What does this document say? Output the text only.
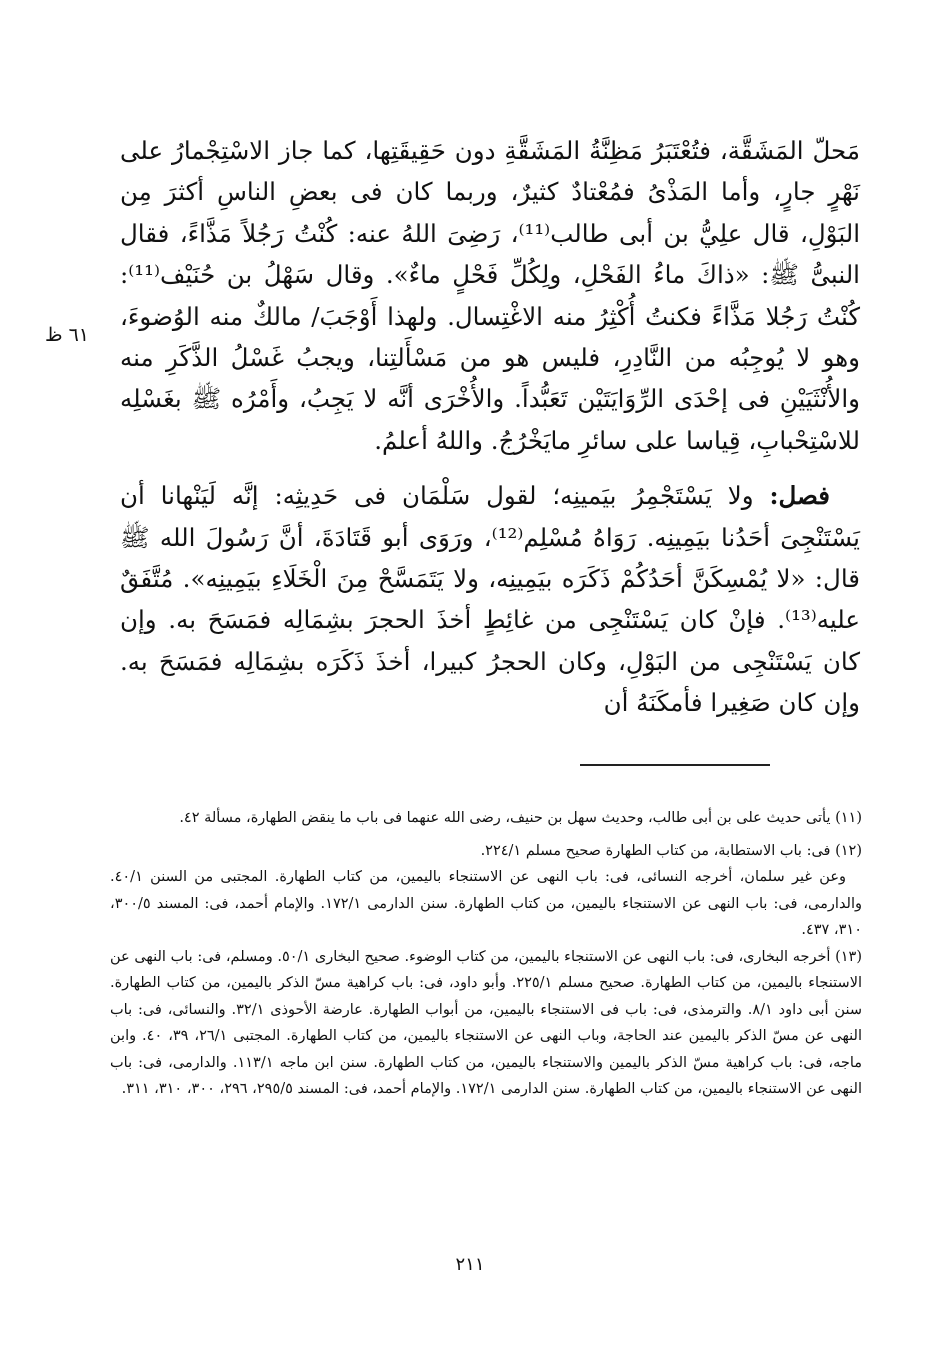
مَحلّ المَشَقَّة، فتُعْتَبَرُ مَظِنَّةُ المَشَقَّةِ دون حَقِيقَتِها، كما جاز الاسْتِجْمارُ على نَهْرٍ جارٍ، وأما المَذْىُ فمُعْتادٌ كثيرٌ، وربما كان فى بعضِ الناسِ أكثرَ مِن البَوْلِ، قال علِيُّ بن أبى طالب⁽¹¹⁾، رَضِىَ اللهُ عنه: كُنْتُ رَجُلاً مَذَّاءً، فقال النبىُّ ﷺ: «ذاكَ ماءُ الفَحْلِ، ولِكُلِّ فَحْلٍ ماءٌ». وقال سَهْلُ بن حُنَيْف⁽¹¹⁾: كُنْتُ رَجُلا مَذَّاءً فكنتُ أُكْثِرُ منه الاغْتِسال. ولهذا أَوْجَبَ/ مالكٌ منه الوُضوءَ، وهو لا يُوجِبُه من النَّادِرِ، فليس هو من مَسْأَلتِنا، ويجبُ غَسْلُ الذَّكَرِ منه والأُنْثَيَيْنِ فى إحْدَى الرِّوَايَتَيْن تَعَبُّداً. والأُخْرَى أنَّه لا يَجِبُ، وأَمْرُه ﷺ بغَسْلِه للاسْتِحْبابِ، قِياسا على سائرِ مايَخْرُجُ. واللهُ أعلمُ.

فصل: ولا يَسْتَجْمِرُ بيَمينِه؛ لقول سَلْمَان فى حَدِيثِه: إنَّه لَيَنْهانا أن يَسْتَنْجِىَ أحَدُنا بيَمِينِه. رَوَاهُ مُسْلِم⁽¹²⁾، ورَوَى أبو قَتَادَةَ، أنَّ رَسُولَ الله ﷺ قال: «لا يُمْسِكَنَّ أحَدُكُمْ ذَكَرَه بيَمِينِه، ولا يَتَمَسَّحْ مِنَ الْخَلَاءِ بيَمِينِه». مُتَّفَقٌ عليه⁽¹³⁾. فإنْ كان يَسْتَنْجِى من غائِطٍ أخذَ الحجرَ بشِمَالِه فمَسَحَ به. وإن كان يَسْتَنْجِى من البَوْلِ، وكان الحجرُ كبيرا، أخذَ ذَكَرَه بشِمَالِه فمَسَحَ به. وإن كان صَغِيرا فأمكَنَهُ أن

٦١ ظ

(١١) يأتى حديث على بن أبى طالب، وحديث سهل بن حنيف، رضى الله عنهما فى باب ما ينقض الطهارة، مسألة ٤٢.

(١٢) فى: باب الاستطابة، من كتاب الطهارة صحيح مسلم ٢٢٤/١.

وعن غير سلمان، أخرجه النسائى، فى: باب النهى عن الاستنجاء باليمين، من كتاب الطهارة. المجتبى من السنن ٤٠/١. والدارمى، فى: باب النهى عن الاستنجاء باليمين، من كتاب الطهارة. سنن الدارمى ١٧٢/١. والإمام أحمد، فى: المسند ٣٠٠/٥، ٣١٠، ٤٣٧.

(١٣) أخرجه البخارى، فى: باب النهى عن الاستنجاء باليمين، من كتاب الوضوء. صحيح البخارى ٥٠/١. ومسلم، فى: باب النهى عن الاستنجاء باليمين، من كتاب الطهارة. صحيح مسلم ٢٢٥/١. وأبو داود، فى: باب كراهية مسّ الذكر باليمين، من كتاب الطهارة. سنن أبى داود ٨/١. والترمذى، فى: باب فى الاستنجاء باليمين، من أبواب الطهارة. عارضة الأحوذى ٣٢/١. والنسائى، فى: باب النهى عن مسّ الذكر باليمين عند الحاجة، وباب النهى عن الاستنجاء باليمين، من كتاب الطهارة. المجتبى ٢٦/١، ٣٩، ٤٠. وابن ماجه، فى: باب كراهية مسّ الذكر باليمين والاستنجاء باليمين، من كتاب الطهارة. سنن ابن ماجه ١١٣/١. والدارمى، فى: باب النهى عن الاستنجاء باليمين، من كتاب الطهارة. سنن الدارمى ١٧٢/١. والإمام أحمد، فى: المسند ٢٩٥/٥، ٢٩٦، ٣٠٠، ٣١٠، ٣١١.

٢١١
